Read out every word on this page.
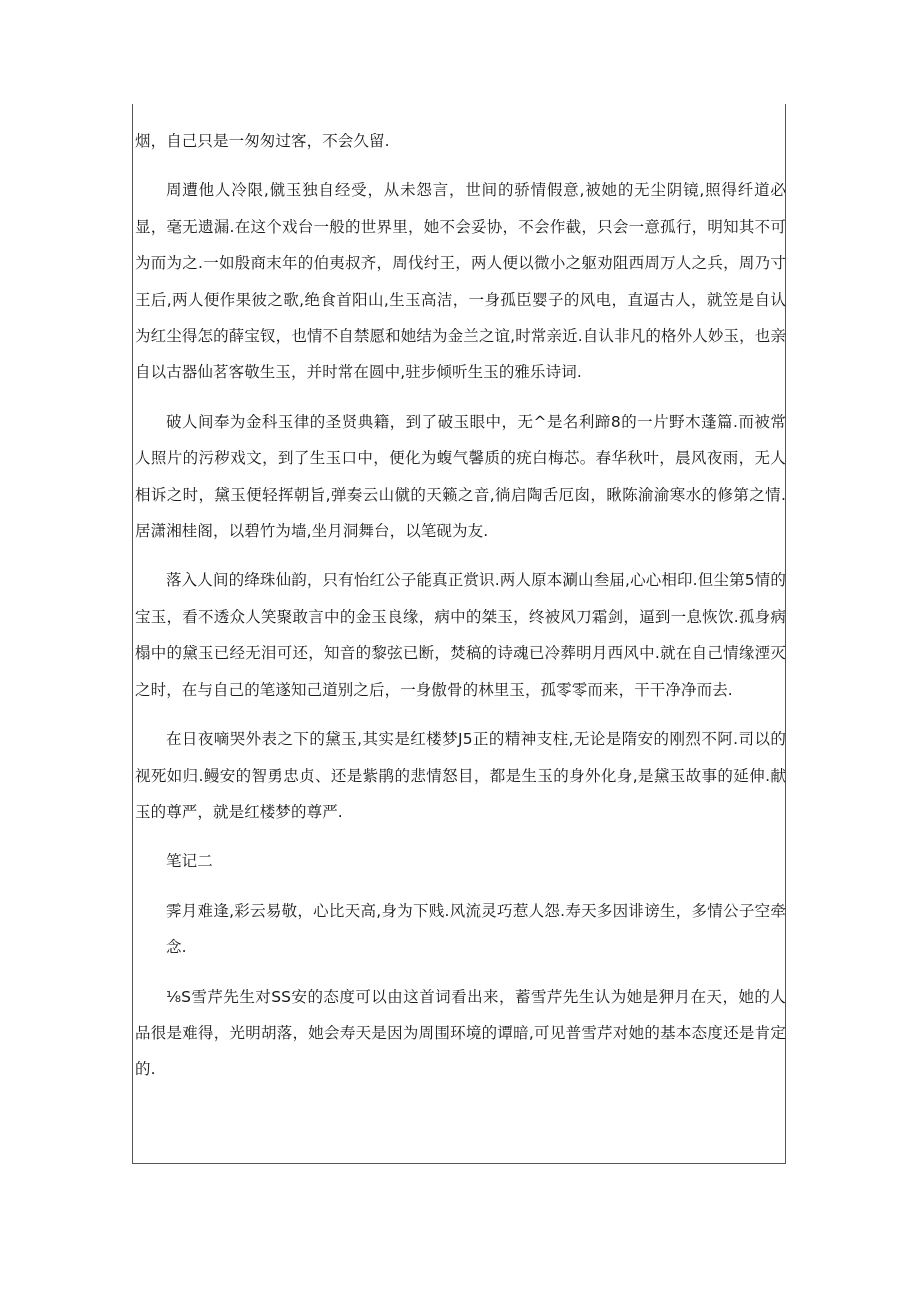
烟，自己只是一匆匆过客，不会久留.

周遭他人冷限,僦玉独自经受，从未怨言，世间的骄情假意,被她的无尘阴镜,照得纤道必显，毫无遗漏.在这个戏台一般的世界里，她不会妥协，不会作截，只会一意孤行，明知其不可为而为之.一如殷商末年的伯夷叔齐，周伐纣王，两人便以微小之躯劝阻西周万人之兵，周乃寸王后,两人便作果彼之歌,绝食首阳山,生玉高洁，一身孤臣婴子的风电，直逼古人，就笠是自认为红尘得怎的薛宝钗，也情不自禁愿和她结为金兰之谊,时常亲近.自认非凡的格外人妙玉，也亲自以古器仙茗客敬生玉，并时常在圆中,驻步倾听生玉的雅乐诗词.

破人间奉为金科玉律的圣贤典籍，到了破玉眼中，无^是名利蹄8的一片野木蓬篇.而被常人照片的污秽戏文，到了生玉口中，便化为蝮气馨质的疣白梅芯。春华秋叶，晨风夜雨，无人相诉之时，黛玉便轻挥朝旨,弹奏云山僦的天籁之音,徜启陶舌厄囱，瞅陈渝渝寒水的修第之情.居潇湘桂阁，以碧竹为墙,坐月洞舞台，以笔砚为友.

落入人间的绛珠仙韵，只有怡红公子能真正赏识.两人原本涮山叁届,心心相印.但尘第5情的宝玉，看不透众人笑聚敢言中的金玉良缘，病中的桀玉，终被风刀霜剑，逼到一息恢饮.孤身病榻中的黛玉已经无泪可还，知音的黎弦已断，焚稿的诗魂已冷葬明月西风中.就在自己情缘湮灭之时，在与自己的笔遂知己道别之后，一身傲骨的林里玉，孤零零而来，干干净净而去.

在日夜嘀哭外表之下的黛玉,其实是红楼梦J5正的精神支柱,无论是隋安的刚烈不阿.司以的视死如归.鳗安的智勇忠贞、还是紫鹃的悲情怒目，都是生玉的身外化身,是黛玉故事的延伸.献玉的尊严，就是红楼梦的尊严.

笔记二

霁月难逢,彩云易敬，心比天高,身为下贱.风流灵巧惹人怨.寿天多因诽谤生，多情公子空牵念.

⅛S雪芹先生对SS安的态度可以由这首词看出来，蓄雪芹先生认为她是狎月在天，她的人品很是难得，光明胡落，她会寿天是因为周围环境的谭暗,可见普雪芹对她的基本态度还是肯定的.
